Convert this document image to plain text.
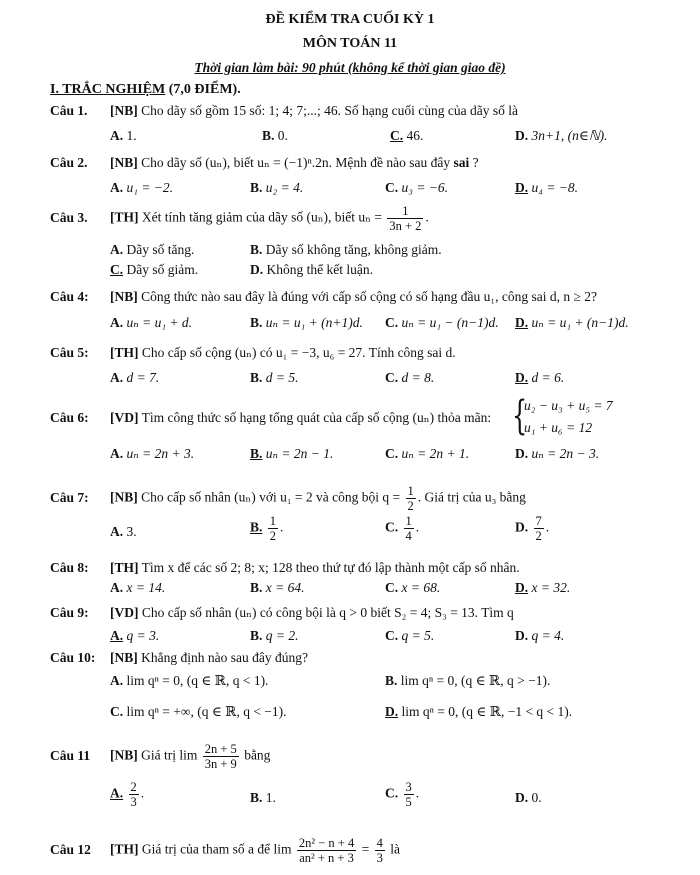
ĐỀ KIỂM TRA CUỐI KỲ 1
MÔN TOÁN 11
Thời gian làm bài: 90 phút (không kể thời gian giao đề)
I. TRẮC NGHIỆM (7,0 ĐIỂM).
Câu 1. [NB] Cho dãy số gồm 15 số: 1; 4; 7;...; 46. Số hạng cuối cùng của dãy số là
A. 1.	B. 0.	C. 46.	D. 3n+1, (n∈ℕ).
Câu 2. [NB] Cho dãy số (uₙ), biết uₙ = (−1)ⁿ.2n. Mệnh đề nào sau đây sai ?
A. u₁ = −2.	B. u₂ = 4.	C. u₃ = −6.	D. u₄ = −8.
Câu 3. [TH] Xét tính tăng giảm của dãy số (uₙ), biết $u_n = \frac{1}{3n + 2}$ .
A. Dãy số tăng.	B. Dãy số không tăng, không giảm.
C. Dãy số giảm.	D. Không thể kết luận.
Câu 4: [NB] Công thức nào sau đây là đúng với cấp số cộng có số hạng đầu u₁, công sai d, n ≥ 2?
A. uₙ = u₁ + d.	B. uₙ = u₁ + (n+1)d. C. uₙ = u₁ − (n−1)d. D. uₙ = u₁ + (n−1)d.
Câu 5: [TH] Cho cấp số cộng (uₙ) có u₁ = −3, u₆ = 27. Tính công sai d.
A. d = 7.	B. d = 5.	C. d = 8.	D. d = 6.
Câu 6: [VD] Tìm công thức số hạng tổng quát của cấp số cộng (uₙ) thỏa mãn: {
u₂ − u₃ + u₅ = 7
u₁ + u₆ = 12
A. uₙ = 2n + 3.	B. uₙ = 2n − 1.	C. uₙ = 2n + 1.	D. uₙ = 2n − 3.
Câu 7: [NB] Cho cấp số nhân (uₙ) với u₁ = 2 và công bội $q = \frac{1}{2}$ . Giá trị của u₃ bằng
A. 3.	B. $\frac{1}{2}$ .	C. $\frac{1}{4}$ .	D. $\frac{7}{2}$ .
Câu 8: [TH] Tìm x để các số 2; 8; x; 128 theo thứ tự đó lập thành một cấp số nhân.
A. x = 14.	B. x = 64.	C. x = 68.	D. x = 32.
Câu 9: [VD] Cho cấp số nhân (uₙ) có công bội là q > 0 biết S₂ = 4; S₃ = 13. Tìm q
A. q = 3.	B. q = 2.	C. q = 5.	D. q = 4.
Câu 10: [NB] Khẳng định nào sau đây đúng?
A. lim qⁿ = 0, (q ∈ ℝ, q < 1).	B. lim qⁿ = 0, (q ∈ ℝ, q > −1).
C. lim qⁿ = +∞, (q ∈ ℝ, q < −1).	D. lim qⁿ = 0, (q ∈ ℝ, −1 < q < 1).
Câu 11 [NB] Giá trị $\lim \frac{2n + 5}{3n + 9}$ bằng
A. $\frac{2}{3}$ .	B. 1.	C. $\frac{3}{5}$ .	D. 0.
Câu 12 [TH] Giá trị của tham số a để $\lim \frac{\text{2n² − n + 4}}{\text{an² + n + 3}} = \frac{4}{3}$ là
